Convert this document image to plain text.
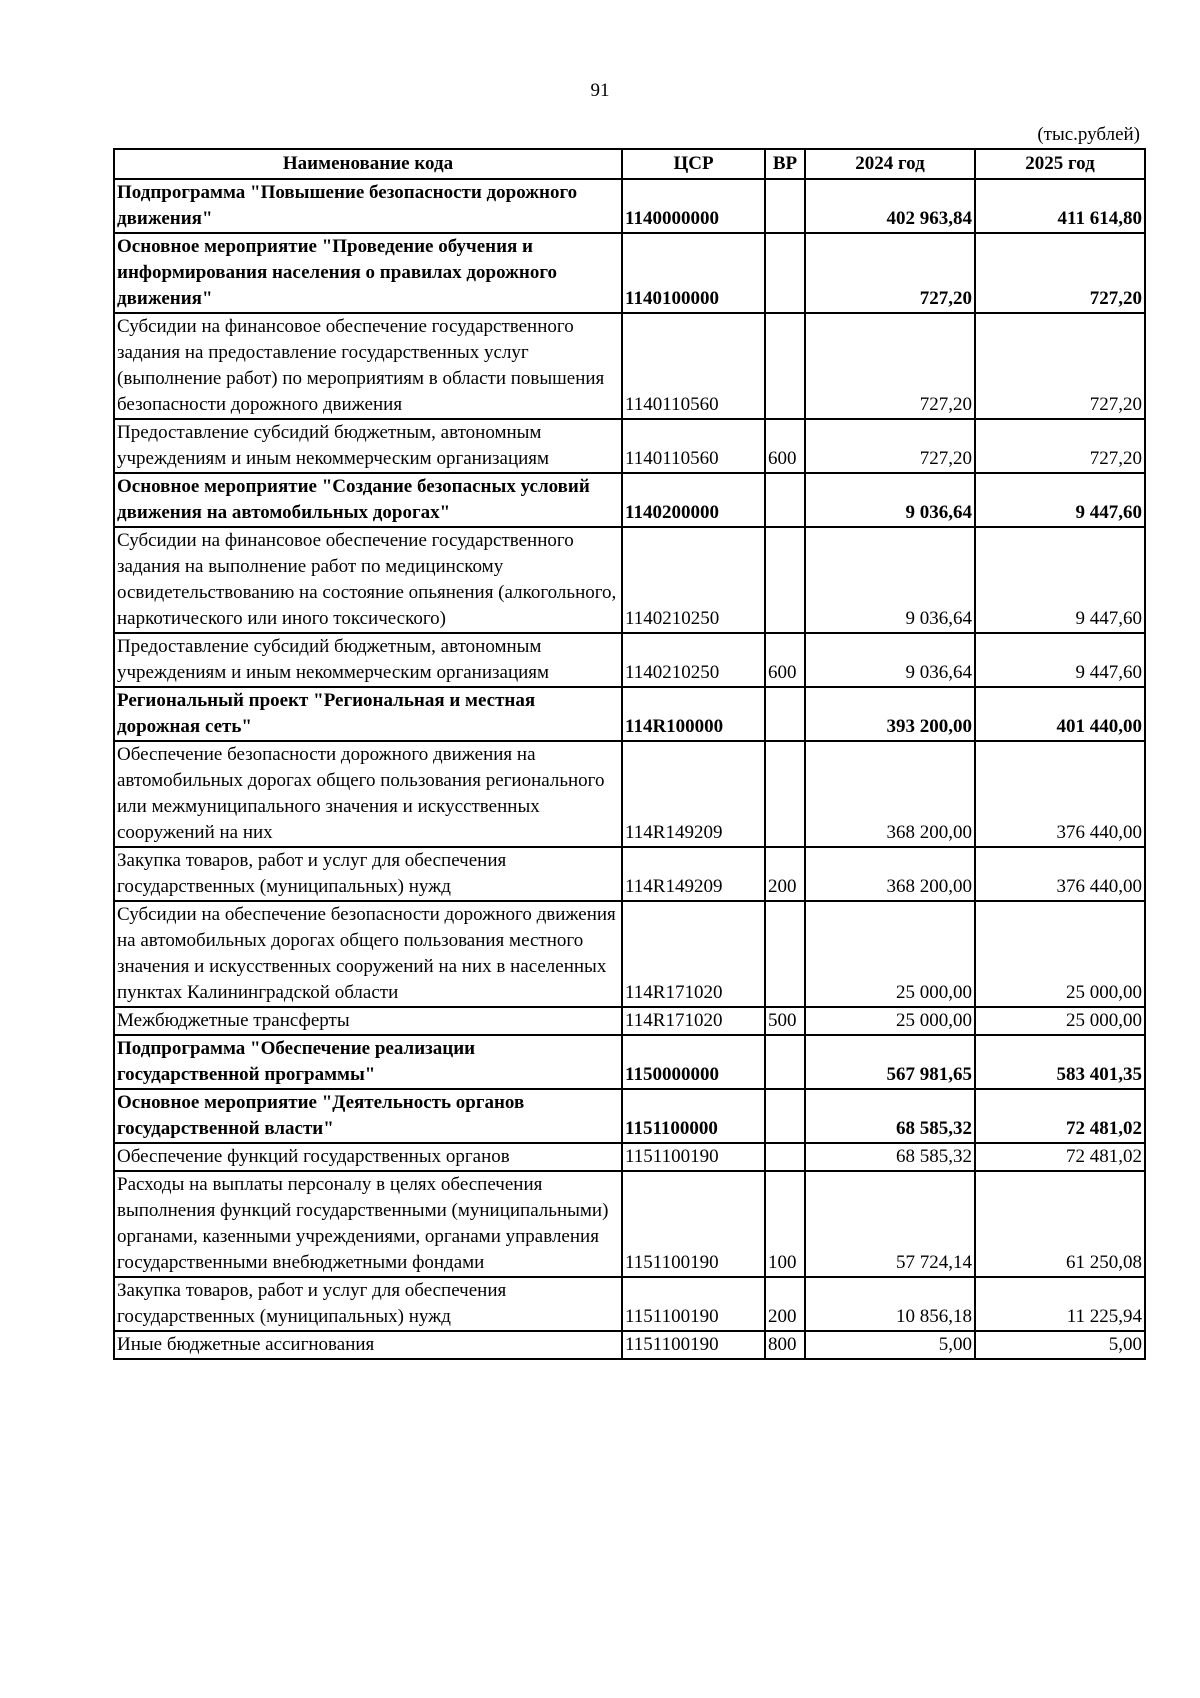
91
(тыс.рублей)
Наименование кода	ЦСР	ВР	2024 год	2025 год
Подпрограмма "Повышение безопасности дорожного движения"	1140000000		402 963,84	411 614,80
Основное мероприятие "Проведение обучения и информирования населения о правилах дорожного движения"	1140100000		727,20	727,20
Субсидии на финансовое обеспечение государственного задания на предоставление государственных услуг (выполнение работ) по мероприятиям в области повышения безопасности дорожного движения	1140110560		727,20	727,20
Предоставление субсидий бюджетным, автономным учреждениям и иным некоммерческим организациям	1140110560	600	727,20	727,20
Основное мероприятие "Создание безопасных условий движения на автомобильных дорогах"	1140200000		9 036,64	9 447,60
Субсидии на финансовое обеспечение государственного задания на выполнение работ по медицинскому освидетельствованию на состояние опьянения (алкогольного, наркотического или иного токсического)	1140210250		9 036,64	9 447,60
Предоставление субсидий бюджетным, автономным учреждениям и иным некоммерческим организациям	1140210250	600	9 036,64	9 447,60
Региональный проект "Региональная и местная дорожная сеть"	114R100000		393 200,00	401 440,00
Обеспечение безопасности дорожного движения на автомобильных дорогах общего пользования регионального или межмуниципального значения и искусственных сооружений на них	114R149209		368 200,00	376 440,00
Закупка товаров, работ и услуг для обеспечения государственных (муниципальных) нужд	114R149209	200	368 200,00	376 440,00
Субсидии на обеспечение безопасности дорожного движения на автомобильных дорогах общего пользования местного значения и искусственных сооружений на них в населенных пунктах Калининградской области	114R171020		25 000,00	25 000,00
Межбюджетные трансферты	114R171020	500	25 000,00	25 000,00
Подпрограмма "Обеспечение реализации государственной программы"	1150000000		567 981,65	583 401,35
Основное мероприятие "Деятельность органов государственной власти"	1151100000		68 585,32	72 481,02
Обеспечение функций государственных органов	1151100190		68 585,32	72 481,02
Расходы на выплаты персоналу в целях обеспечения выполнения функций государственными (муниципальными) органами, казенными учреждениями, органами управления государственными внебюджетными фондами	1151100190	100	57 724,14	61 250,08
Закупка товаров, работ и услуг для обеспечения государственных (муниципальных) нужд	1151100190	200	10 856,18	11 225,94
Иные бюджетные ассигнования	1151100190	800	5,00	5,00
